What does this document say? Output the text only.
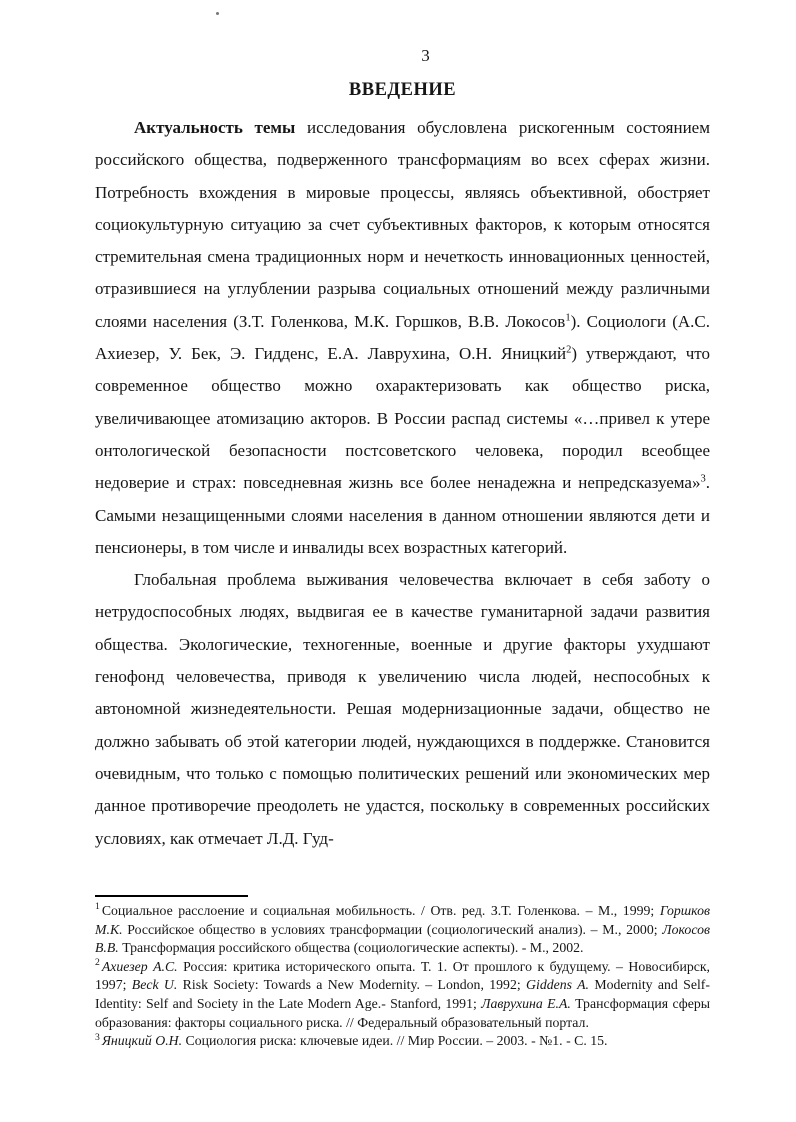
3
ВВЕДЕНИЕ

Актуальность темы исследования обусловлена рискогенным состоянием российского общества, подверженного трансформациям во всех сферах жизни. Потребность вхождения в мировые процессы, являясь объективной, обостряет социокультурную ситуацию за счет субъективных факторов, к которым относятся стремительная смена традиционных норм и нечеткость инновационных ценностей, отразившиеся на углублении разрыва социальных отношений между различными слоями населения (З.Т. Голенкова, М.К. Горшков, В.В. Локосов$^1$). Социологи (А.С. Ахиезер, У. Бек, Э. Гидденс, Е.А. Лаврухина, О.Н. Яницкий$^2$) утверждают, что современное общество можно охарактеризовать как общество риска, увеличивающее атомизацию акторов. В России распад системы «…привел к утере онтологической безопасности постсоветского человека, породил всеобщее недоверие и страх: повседневная жизнь все более ненадежна и непредсказуема»$^3$. Самыми незащищенными слоями населения в данном отношении являются дети и пенсионеры, в том числе и инвалиды всех возрастных категорий.

Глобальная проблема выживания человечества включает в себя заботу о нетрудоспособных людях, выдвигая ее в качестве гуманитарной задачи развития общества. Экологические, техногенные, военные и другие факторы ухудшают генофонд человечества, приводя к увеличению числа людей, неспособных к автономной жизнедеятельности. Решая модернизационные задачи, общество не должно забывать об этой категории людей, нуждающихся в поддержке. Становится очевидным, что только с помощью политических решений или экономических мер данное противоречие преодолеть не удастся, поскольку в современных российских условиях, как отмечает Л.Д. Гуд-

$^1$ Социальное расслоение и социальная мобильность. / Отв. ред. З.Т. Голенкова. – М., 1999; Горшков М.К. Российское общество в условиях трансформации (социологический анализ). – М., 2000; Локосов В.В. Трансформация российского общества (социологические аспекты). - М., 2002.

$^2$ Ахиезер А.С. Россия: критика исторического опыта. Т. 1. От прошлого к будущему. – Новосибирск, 1997; Beck U. Risk Society: Towards a New Modernity. – London, 1992; Giddens A. Modernity and Self-Identity: Self and Society in the Late Modern Age.- Stanford, 1991; Лаврухина Е.А. Трансформация сферы образования: факторы социального риска. // Федеральный образовательный портал.

$^3$ Яницкий О.Н. Социология риска: ключевые идеи. // Мир России. – 2003. - №1. - С. 15.
